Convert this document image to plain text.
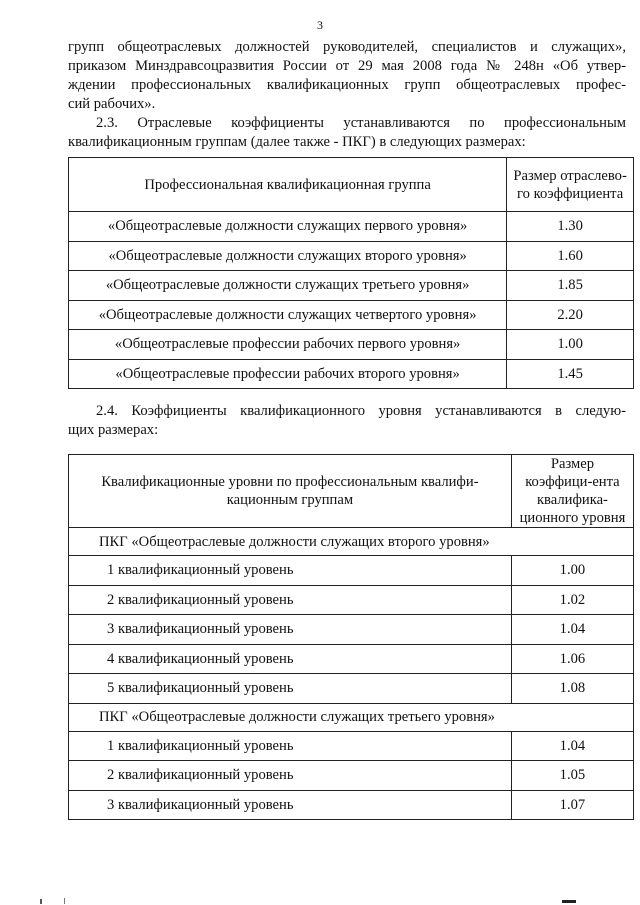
3
групп общеотраслевых должностей руководителей, специалистов и служащих»,
приказом Минздравсоцразвития России от 29 мая 2008 года № 248н «Об утвер-
ждении профессиональных квалификационных групп общеотраслевых профес-
сий рабочих».
2.3. Отраслевые коэффициенты устанавливаются по профессиональным
квалификационным группам (далее также - ПКГ) в следующих размерах:
Профессиональная квалификационная группа	Размер отраслево-го коэффициента
«Общеотраслевые должности служащих первого уровня»	1.30
«Общеотраслевые должности служащих второго уровня»	1.60
«Общеотраслевые должности служащих третьего уровня»	1.85
«Общеотраслевые должности служащих четвертого уровня»	2.20
«Общеотраслевые профессии рабочих первого уровня»	1.00
«Общеотраслевые профессии рабочих второго уровня»	1.45
2.4. Коэффициенты квалификационного уровня устанавливаются в следую-
щих размерах:
Квалификационные уровни по профессиональным квалифи-кационным группам	Размер коэффици-ента квалифика-ционного уровня
ПКГ «Общеотраслевые должности служащих второго уровня»	
1 квалификационный уровень	1.00
2 квалификационный уровень	1.02
3 квалификационный уровень	1.04
4 квалификационный уровень	1.06
5 квалификационный уровень	1.08
ПКГ «Общеотраслевые должности служащих третьего уровня»	
1 квалификационный уровень	1.04
2 квалификационный уровень	1.05
3 квалификационный уровень	1.07
